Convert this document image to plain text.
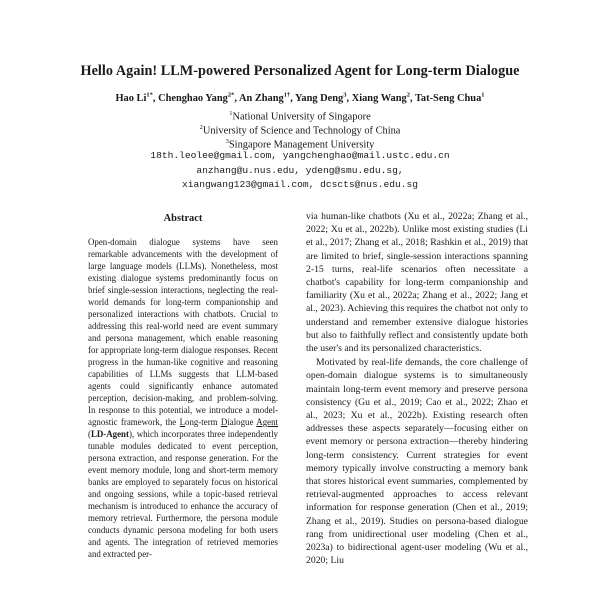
Hello Again! LLM-powered Personalized Agent for Long-term Dialogue
Hao $Li^{1*}$, Chenghao Yang$^{2*}$, An Zhang$^{1\dagger}$, Yang Deng$^3$, Xiang Wang$^2$, Tat-Seng Chua$^1$
$^1$National University of Singapore
$^2$University of Science and Technology of China
$^3$Singapore Management University
18th.leolee@gmail.com, yangchenghao@mail.ustc.edu.cn
anzhang@u.nus.edu, ydeng@smu.edu.sg,
xiangwang123@gmail.com, dcscts@nus.edu.sg
Abstract
Open-domain dialogue systems have seen remarkable advancements with the development of large language models (LLMs). Nonetheless, most existing dialogue systems predominantly focus on brief single-session interactions, neglecting the real-world demands for long-term companionship and personalized interactions with chatbots. Crucial to addressing this real-world need are event summary and persona management, which enable reasoning for appropriate long-term dialogue responses. Recent progress in the human-like cognitive and reasoning capabilities of LLMs suggests that LLM-based agents could significantly enhance automated perception, decision-making, and problem-solving. In response to this potential, we introduce a model-agnostic framework, the Long-term Dialogue Agent (LD-Agent), which incorporates three independently tunable modules dedicated to event perception, persona extraction, and response generation. For the event memory module, long and short-term memory banks are employed to separately focus on historical and ongoing sessions, while a topic-based retrieval mechanism is introduced to enhance the accuracy of memory retrieval. Furthermore, the persona module conducts dynamic persona modeling for both users and agents. The integration of retrieved memories and extracted per-

via human-like chatbots (Xu et al., 2022a; Zhang et al., 2022; Xu et al., 2022b). Unlike most existing studies (Li et al., 2017; Zhang et al., 2018; Rashkin et al., 2019) that are limited to brief, single-session interactions spanning 2-15 turns, real-life scenarios often necessitate a chatbot's capability for long-term companionship and familiarity (Xu et al., 2022a; Zhang et al., 2022; Jang et al., 2023). Achieving this requires the chatbot not only to understand and remember extensive dialogue histories but also to faithfully reflect and consistently update both the user's and its personalized characteristics.

Motivated by real-life demands, the core challenge of open-domain dialogue systems is to simultaneously maintain long-term event memory and preserve persona consistency (Gu et al., 2019; Cao et al., 2022; Zhao et al., 2023; Xu et al., 2022b). Existing research often addresses these aspects separately—focusing either on event memory or persona extraction—thereby hindering long-term consistency. Current strategies for event memory typically involve constructing a memory bank that stores historical event summaries, complemented by retrieval-augmented approaches to access relevant information for response generation (Chen et al., 2019; Zhang et al., 2019). Studies on persona-based dialogue rang from unidirectional user modeling (Chen et al., 2023a) to bidirectional agent-user modeling (Wu et al., 2020; Liu
